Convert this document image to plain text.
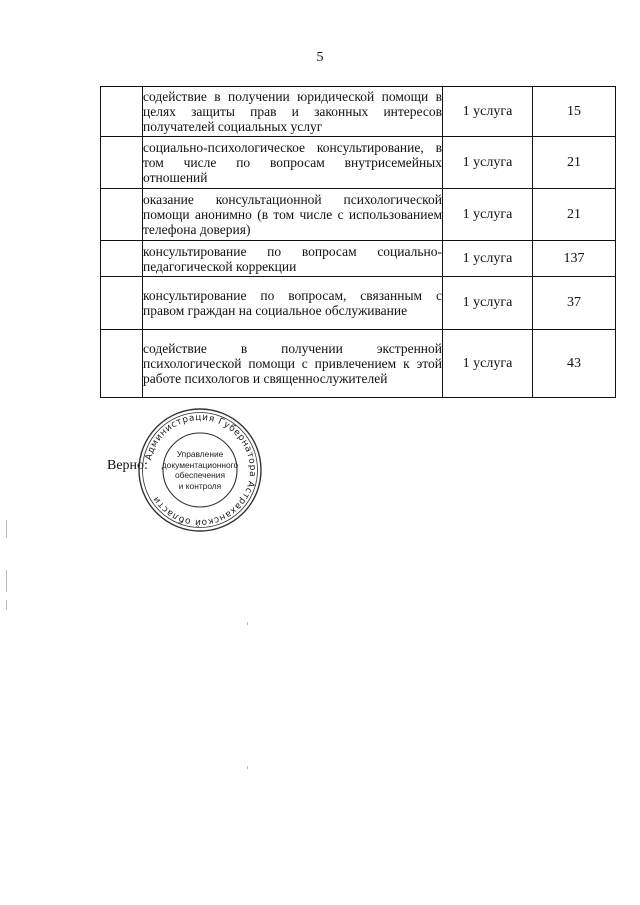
5

	содействие в получении юридической помощи в целях защиты прав и законных интересов получателей социальных услуг	1 услуга	15

	социально-психологическое консультирование, в том числе по вопросам внутрисемейных отношений	1 услуга	21

	оказание консультационной психологической помощи анонимно (в том числе с использованием телефона доверия)	1 услуга	21

	консультирование по вопросам социально-педагогической коррекции	1 услуга	137

	консультирование по вопросам, связанным с правом граждан на социальное обслуживание	1 услуга	37

	содействие в получении экстренной психологической помощи с привлечением к этой работе психологов и священнослужителей	1 услуга	43
Верно:
Администрация Губернатора Астраханской области
Управление
документационного
обеспечения
и контроля
